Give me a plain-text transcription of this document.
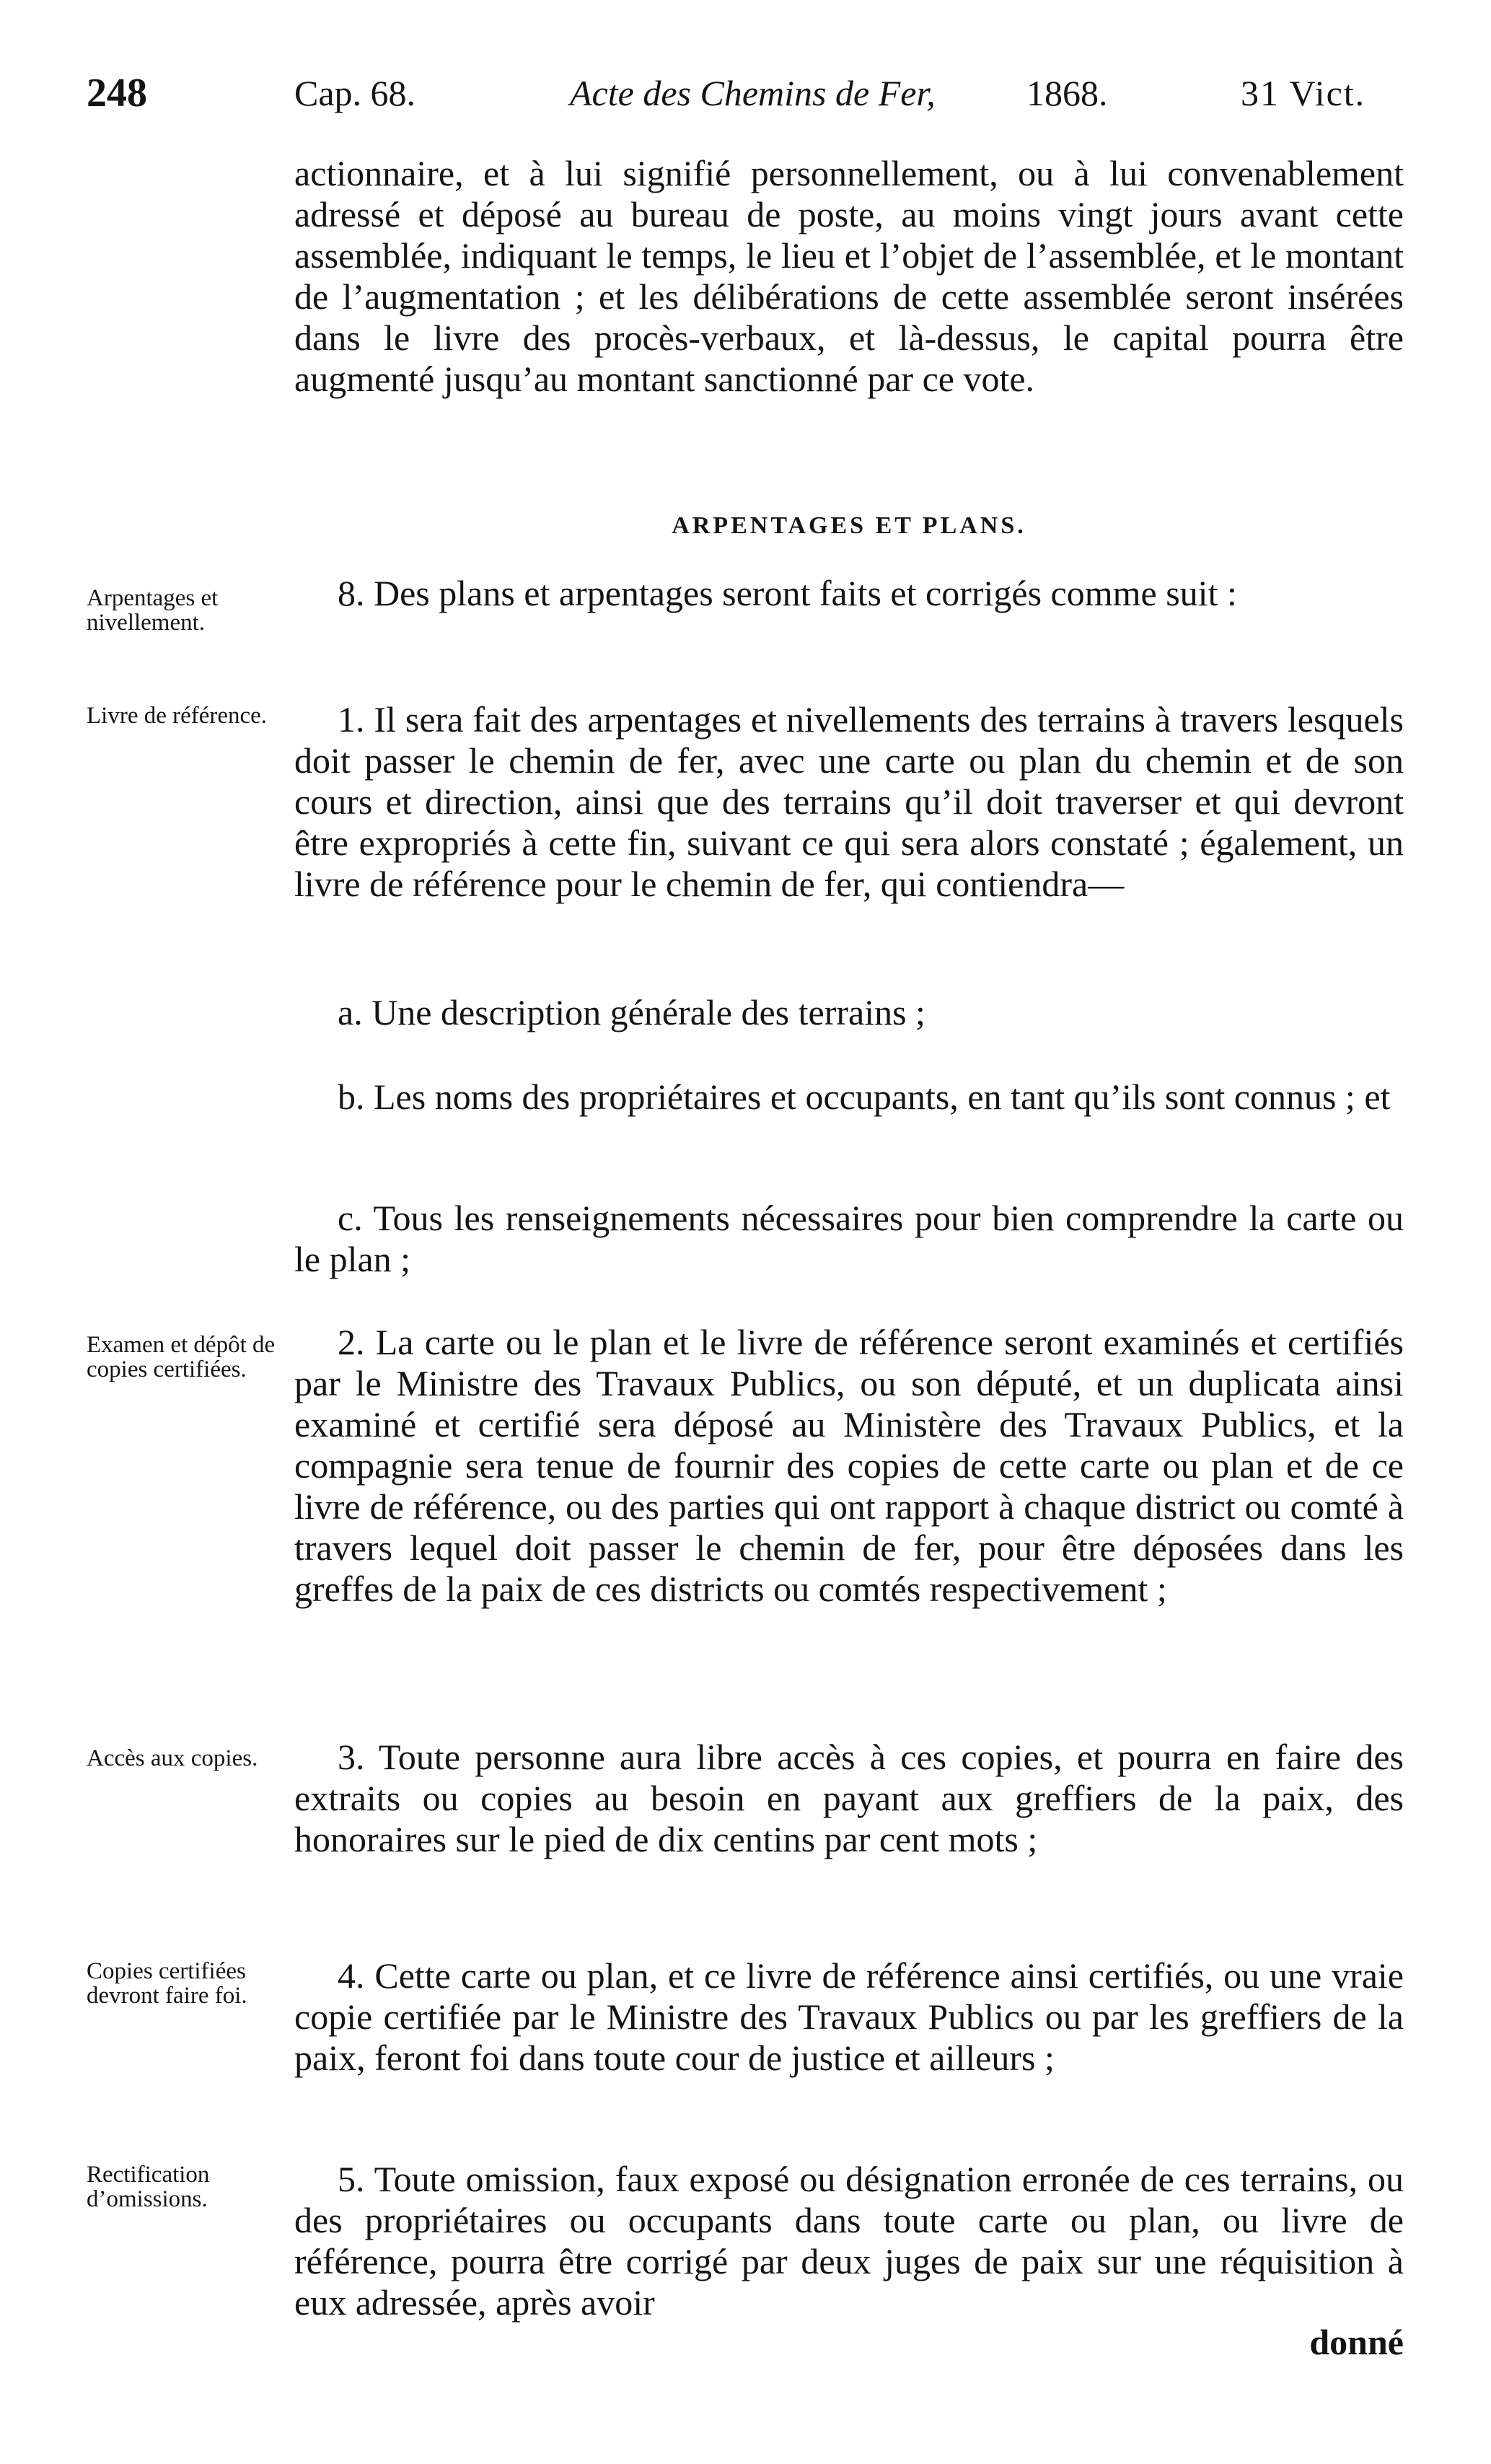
248	Cap. 68.	Acte des Chemins de Fer,	1868.	31 Vict.

actionnaire, et à lui signifié personnellement, ou à lui convenablement adressé et déposé au bureau de poste, au moins vingt jours avant cette assemblée, indiquant le temps, le lieu et l’objet de l’assemblée, et le montant de l’augmentation ; et les délibérations de cette assemblée seront insérées dans le livre des procès-verbaux, et là-dessus, le capital pourra être augmenté jusqu’au montant sanctionné par ce vote.

ARPENTAGES ET PLANS.

8. Des plans et arpentages seront faits et corrigés comme suit :

1. Il sera fait des arpentages et nivellements des terrains à travers lesquels doit passer le chemin de fer, avec une carte ou plan du chemin et de son cours et direction, ainsi que des terrains qu’il doit traverser et qui devront être expropriés à cette fin, suivant ce qui sera alors constaté ; également, un livre de référence pour le chemin de fer, qui contiendra—

a. Une description générale des terrains ;

b. Les noms des propriétaires et occupants, en tant qu’ils sont connus ; et

c. Tous les renseignements nécessaires pour bien comprendre la carte ou le plan ;

2. La carte ou le plan et le livre de référence seront examinés et certifiés par le Ministre des Travaux Publics, ou son député, et un duplicata ainsi examiné et certifié sera déposé au Ministère des Travaux Publics, et la compagnie sera tenue de fournir des copies de cette carte ou plan et de ce livre de référence, ou des parties qui ont rapport à chaque district ou comté à travers lequel doit passer le chemin de fer, pour être déposées dans les greffes de la paix de ces districts ou comtés respectivement ;

3. Toute personne aura libre accès à ces copies, et pourra en faire des extraits ou copies au besoin en payant aux greffiers de la paix, des honoraires sur le pied de dix centins par cent mots ;

4. Cette carte ou plan, et ce livre de référence ainsi certifiés, ou une vraie copie certifiée par le Ministre des Travaux Publics ou par les greffiers de la paix, feront foi dans toute cour de justice et ailleurs ;

5. Toute omission, faux exposé ou désignation erronée de ces terrains, ou des propriétaires ou occupants dans toute carte ou plan, ou livre de référence, pourra être corrigé par deux juges de paix sur une réquisition à eux adressée, après avoir

Arpentages et nivellement.
Livre de référence.
Examen et dépôt de copies certifiées.
Accès aux copies.
Copies certifiées devront faire foi.
Rectification d’omissions.
donné
